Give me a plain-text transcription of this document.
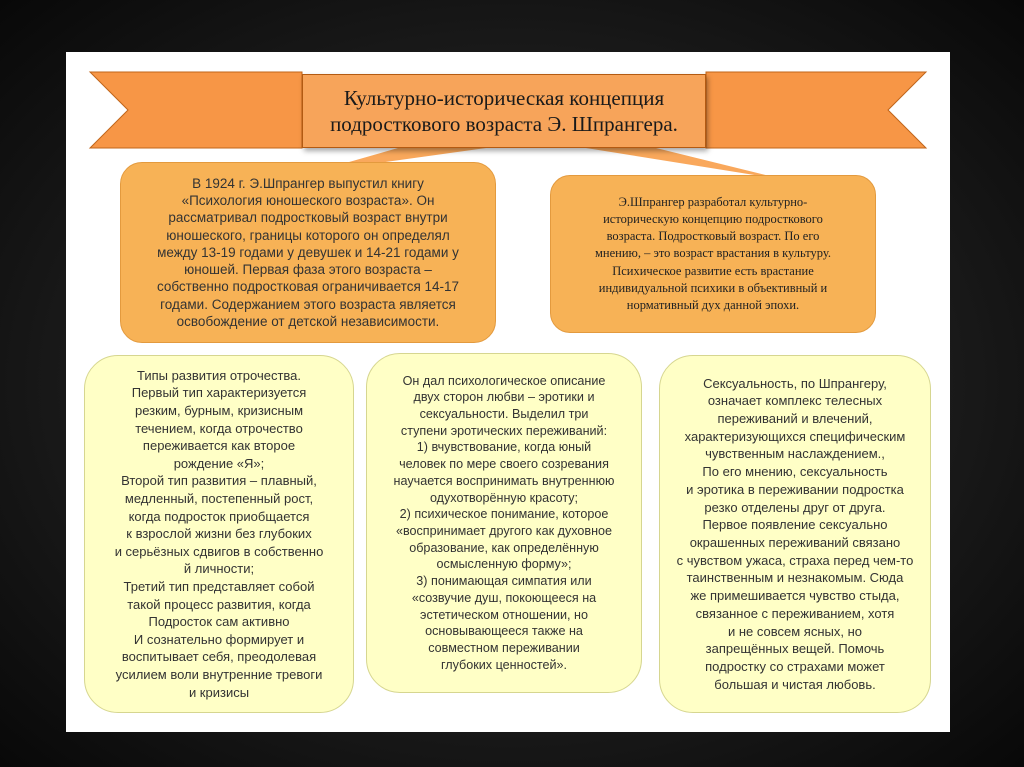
Культурно-историческая концепция
подросткового возраста Э. Шпрангера.
В 1924 г. Э.Шпрангер выпустил книгу
«Психология юношеского возраста». Он
рассматривал подростковый возраст внутри
юношеского, границы которого он определял
между 13-19 годами у девушек и 14-21 годами у
юношей. Первая фаза этого возраста –
собственно подростковая ограничивается 14-17
годами. Содержанием этого возраста является
освобождение от детской независимости.
Э.Шпрангер разработал культурно-
историческую концепцию подросткового
возраста. Подростковый возраст. По его
мнению, – это возраст врастания в культуру.
Психическое развитие есть врастание
индивидуальной психики в объективный и
нормативный дух данной эпохи.
Типы развития отрочества.
Первый тип характеризуется
резким, бурным, кризисным
течением, когда отрочество
переживается как второе
рождение «Я»;
Второй тип развития – плавный,
медленный, постепенный рост,
когда подросток приобщается
к взрослой жизни без глубоких
и серьёзных сдвигов в собственно
й личности;
Третий тип представляет собой
такой процесс развития, когда
Подросток сам активно
И сознательно формирует и
воспитывает себя, преодолевая
усилием воли внутренние тревоги
и кризисы
Он дал психологическое описание
двух сторон любви – эротики и
сексуальности. Выделил три
ступени эротических переживаний:
1) вчувствование, когда юный
человек по мере своего созревания
научается воспринимать внутреннюю
одухотворённую красоту;
2) психическое понимание, которое
«воспринимает другого как духовное
образование, как определённую
осмысленную форму»;
3) понимающая симпатия или
«созвучие душ, покоющееся на
эстетическом отношении, но
основывающееся также на
совместном переживании
глубоких ценностей».
Сексуальность, по Шпрангеру,
означает комплекс телесных
переживаний и влечений,
характеризующихся специфическим
чувственным наслаждением.,
По его мнению, сексуальность
и эротика в переживании подростка
резко отделены друг от друга.
Первое появление сексуально
окрашенных переживаний связано
с чувством ужаса, страха перед чем-то
таинственным и незнакомым. Сюда
же примешивается чувство стыда,
связанное с переживанием, хотя
и не совсем ясных, но
запрещённых вещей. Помочь
подростку со страхами может
большая и чистая любовь.
